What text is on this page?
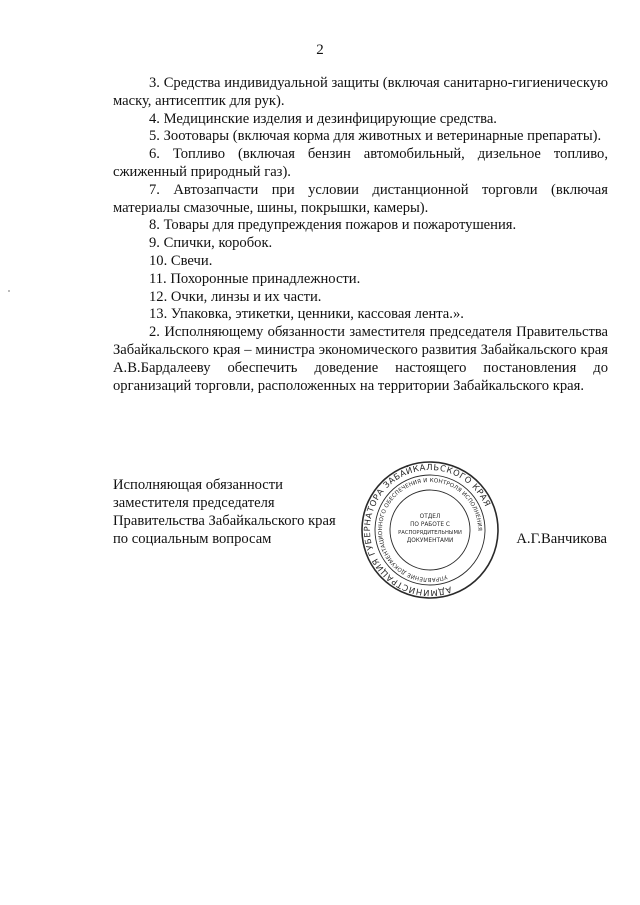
2

3. Средства индивидуальной защиты (включая санитарно-гигиеническую маску, антисептик для рук).

4. Медицинские изделия и дезинфицирующие средства.

5. Зоотовары (включая корма для животных и ветеринарные препараты).

6. Топливо (включая бензин автомобильный, дизельное топливо, сжиженный природный газ).

7. Автозапчасти при условии дистанционной торговли (включая материалы смазочные, шины, покрышки, камеры).

8. Товары для предупреждения пожаров и пожаротушения.

9. Спички, коробок.

10. Свечи.

11. Похоронные принадлежности.

12. Очки, линзы и их части.

13. Упаковка, этикетки, ценники, кассовая лента.».

2. Исполняющему обязанности заместителя председателя Правительства Забайкальского края – министра экономического развития Забайкальского края А.В.Бардалееву обеспечить доведение настоящего постановления до организаций торговли, расположенных на территории Забайкальского края.

Исполняющая обязанности
заместителя председателя
Правительства Забайкальского края
по социальным вопросам	А.Г.Ванчикова
АДМИНИСТРАЦИЯ ГУБЕРНАТОРА ЗАБАЙКАЛЬСКОГО КРАЯ
УПРАВЛЕНИЕ ДОКУМЕНТАЦИОННОГО ОБЕСПЕЧЕНИЯ И КОНТРОЛЯ ИСПОЛНЕНИЯ
ОТДЕЛ
ПО РАБОТЕ С
РАСПОРЯДИТЕЛЬНЫМИ
ДОКУМЕНТАМИ
